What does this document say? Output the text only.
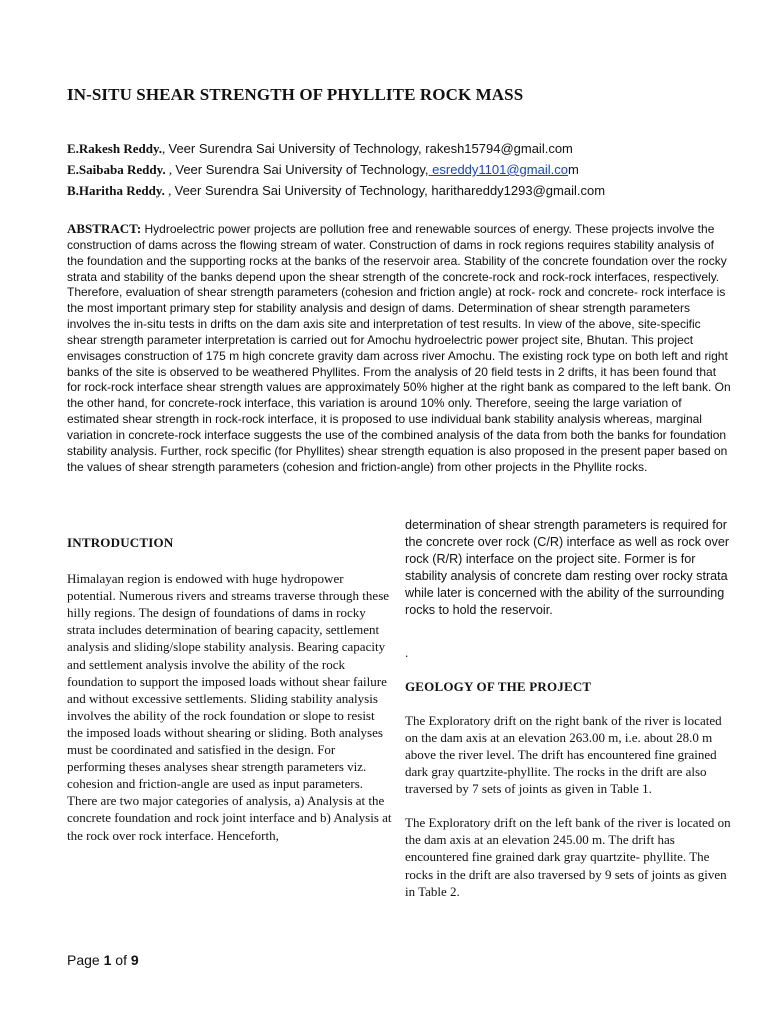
IN-SITU SHEAR STRENGTH OF PHYLLITE ROCK MASS
E.Rakesh Reddy., Veer Surendra Sai University of Technology, rakesh15794@gmail.com
E.Saibaba Reddy. , Veer Surendra Sai University of Technology, esreddy1101@gmail.com
B.Haritha Reddy. , Veer Surendra Sai University of Technology, harithareddy1293@gmail.com
ABSTRACT: Hydroelectric power projects are pollution free and renewable sources of energy. These projects involve the construction of dams across the flowing stream of water. Construction of dams in rock regions requires stability analysis of the foundation and the supporting rocks at the banks of the reservoir area. Stability of the concrete foundation over the rocky strata and stability of the banks depend upon the shear strength of the concrete-rock and rock-rock interfaces, respectively. Therefore, evaluation of shear strength parameters (cohesion and friction angle) at rock- rock and concrete- rock interface is the most important primary step for stability analysis and design of dams. Determination of shear strength parameters involves the in-situ tests in drifts on the dam axis site and interpretation of test results. In view of the above, site-specific shear strength parameter interpretation is carried out for Amochu hydroelectric power project site, Bhutan. This project envisages construction of 175 m high concrete gravity dam across river Amochu. The existing rock type on both left and right banks of the site is observed to be weathered Phyllites. From the analysis of 20 field tests in 2 drifts, it has been found that for rock-rock interface shear strength values are approximately 50% higher at the right bank as compared to the left bank. On the other hand, for concrete-rock interface, this variation is around 10% only. Therefore, seeing the large variation of estimated shear strength in rock-rock interface, it is proposed to use individual bank stability analysis whereas, marginal variation in concrete-rock interface suggests the use of the combined analysis of the data from both the banks for foundation stability analysis. Further, rock specific (for Phyllites) shear strength equation is also proposed in the present paper based on the values of shear strength parameters (cohesion and friction-angle) from other projects in the Phyllite rocks.
INTRODUCTION

Himalayan region is endowed with huge hydropower potential. Numerous rivers and streams traverse through these hilly regions. The design of foundations of dams in rocky strata includes determination of bearing capacity, settlement analysis and sliding/slope stability analysis. Bearing capacity and settlement analysis involve the ability of the rock foundation to support the imposed loads without shear failure and without excessive settlements. Sliding stability analysis involves the ability of the rock foundation or slope to resist the imposed loads without shearing or sliding. Both analyses must be coordinated and satisfied in the design. For performing theses analyses shear strength parameters viz. cohesion and friction-angle are used as input parameters. There are two major categories of analysis, a) Analysis at the concrete foundation and rock joint interface and b) Analysis at the rock over rock interface. Henceforth,

determination of shear strength parameters is required for the concrete over rock (C/R) interface as well as rock over rock (R/R) interface on the project site. Former is for stability analysis of concrete dam resting over rocky strata while later is concerned with the ability of the surrounding rocks to hold the reservoir.

.

GEOLOGY OF THE PROJECT

The Exploratory drift on the right bank of the river is located on the dam axis at an elevation 263.00 m, i.e. about 28.0 m above the river level. The drift has encountered fine grained dark gray quartzite-phyllite. The rocks in the drift are also traversed by 7 sets of joints as given in Table 1.

The Exploratory drift on the left bank of the river is located on the dam axis at an elevation 245.00 m. The drift has encountered fine grained dark gray quartzite- phyllite. The rocks in the drift are also traversed by 9 sets of joints as given in Table 2.

Page 1 of 9
